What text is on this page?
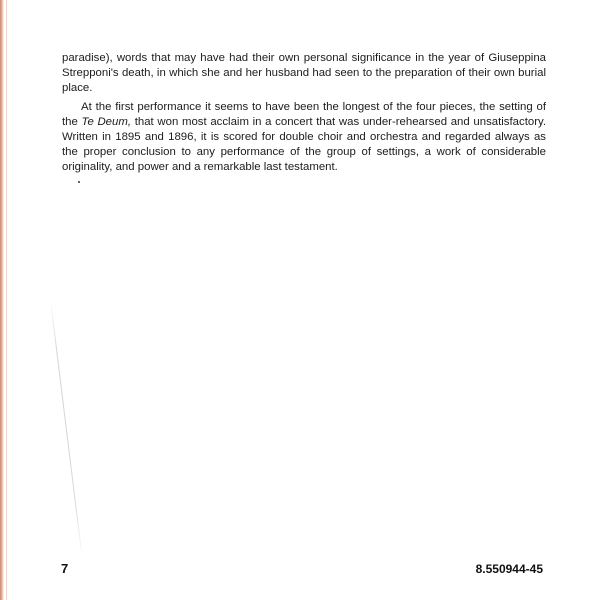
paradise), words that may have had their own personal significance in the year of Giuseppina Strepponi's death, in which she and her husband had seen to the preparation of their own burial place.

At the first performance it seems to have been the longest of the four pieces, the setting of the Te Deum, that won most acclaim in a concert that was under-rehearsed and unsatisfactory. Written in 1895 and 1896, it is scored for double choir and orchestra and regarded always as the proper conclusion to any performance of the group of settings, a work of considerable originality, and power and a remarkable last testament.

7	8.550944-45
